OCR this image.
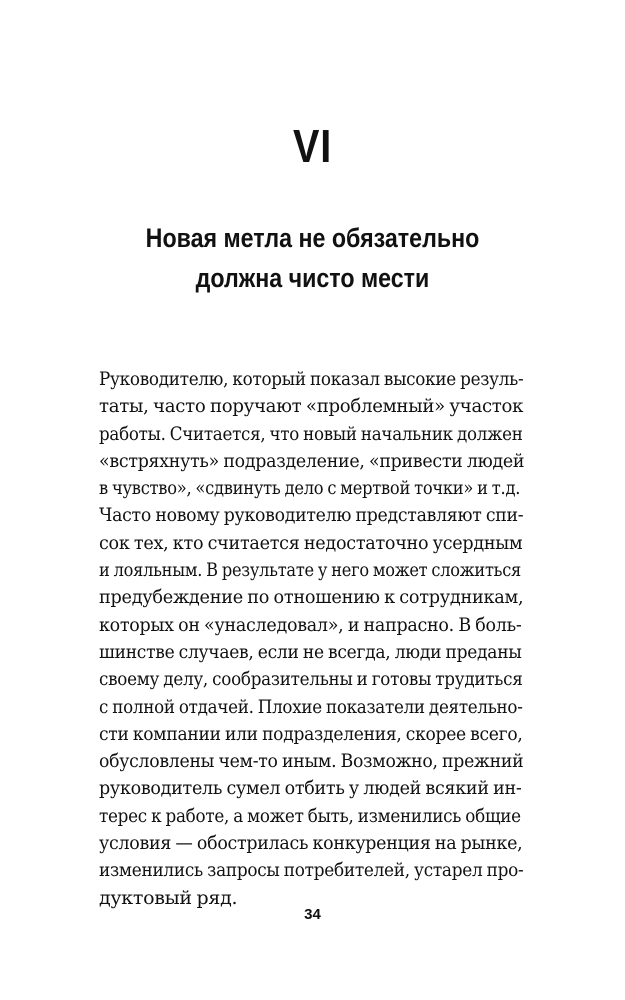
VI
Новая метла не обязательно
должна чисто мести
Руководителю, который показал высокие резуль-
таты, часто поручают «проблемный» участок
работы. Считается, что новый начальник должен
«встряхнуть» подразделение, «привести людей
в чувство», «сдвинуть дело с мертвой точки» и т.д.
Часто новому руководителю представляют спи-
сок тех, кто считается недостаточно усердным
и лояльным. В результате у него может сложиться
предубеждение по отношению к сотрудникам,
которых он «унаследовал», и напрасно. В боль-
шинстве случаев, если не всегда, люди преданы
своему делу, сообразительны и готовы трудиться
с полной отдачей. Плохие показатели деятельно-
сти компании или подразделения, скорее всего,
обусловлены чем-то иным. Возможно, прежний
руководитель сумел отбить у людей всякий ин-
терес к работе, а может быть, изменились общие
условия — обострилась конкуренция на рынке,
изменились запросы потребителей, устарел про-
дуктовый ряд.
34
